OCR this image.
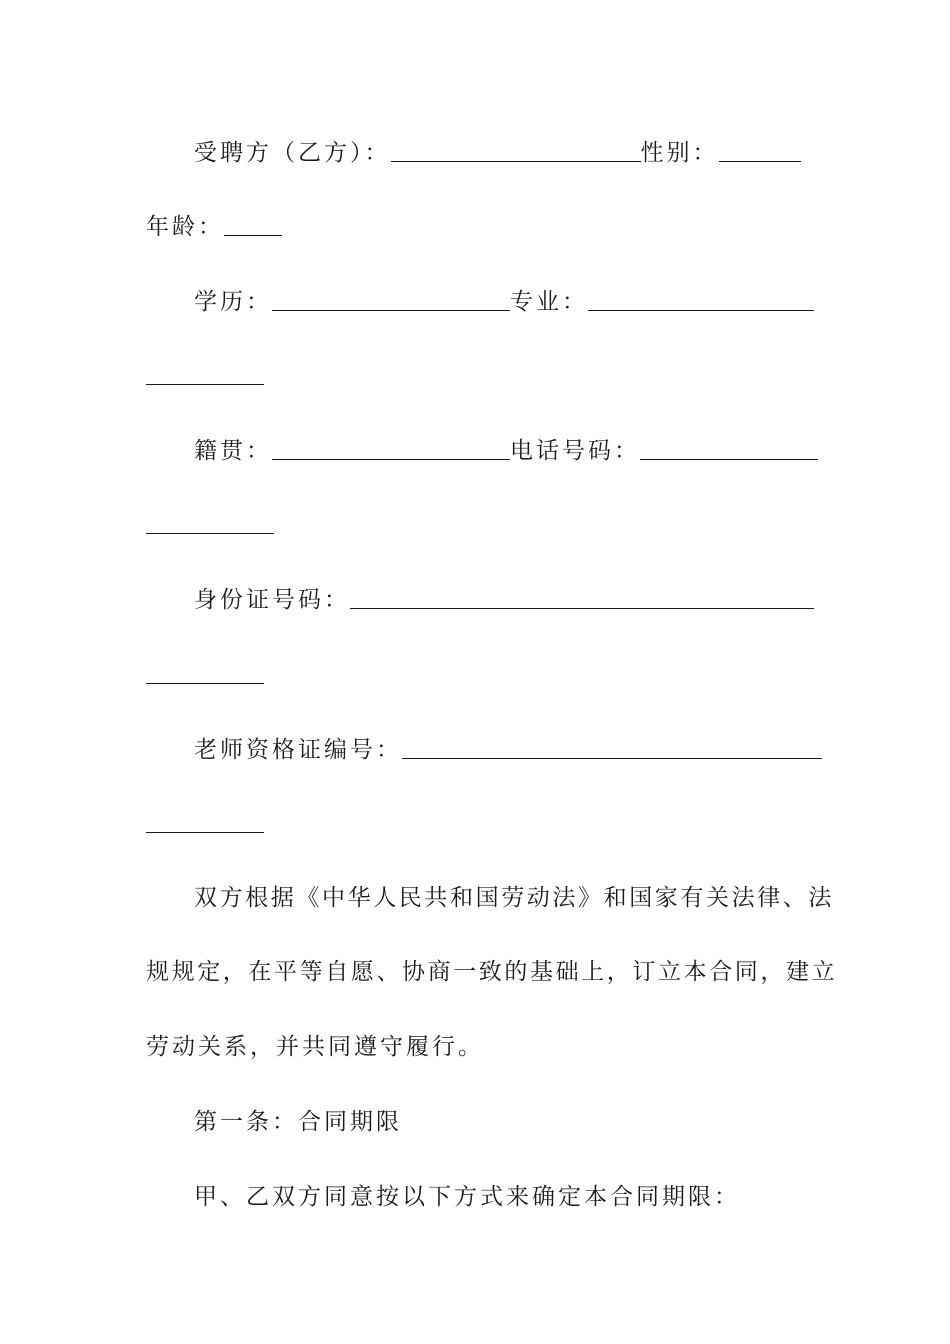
受聘方（乙方）：	性别：
年龄：
学历：	专业：
籍贯：	电话号码：
身份证号码：
老师资格证编号：
双方根据《中华人民共和国劳动法》和国家有关法律、法
规规定，在平等自愿、协商一致的基础上，订立本合同，建立
劳动关系，并共同遵守履行。
第一条：合同期限
甲、乙双方同意按以下方式来确定本合同期限：
